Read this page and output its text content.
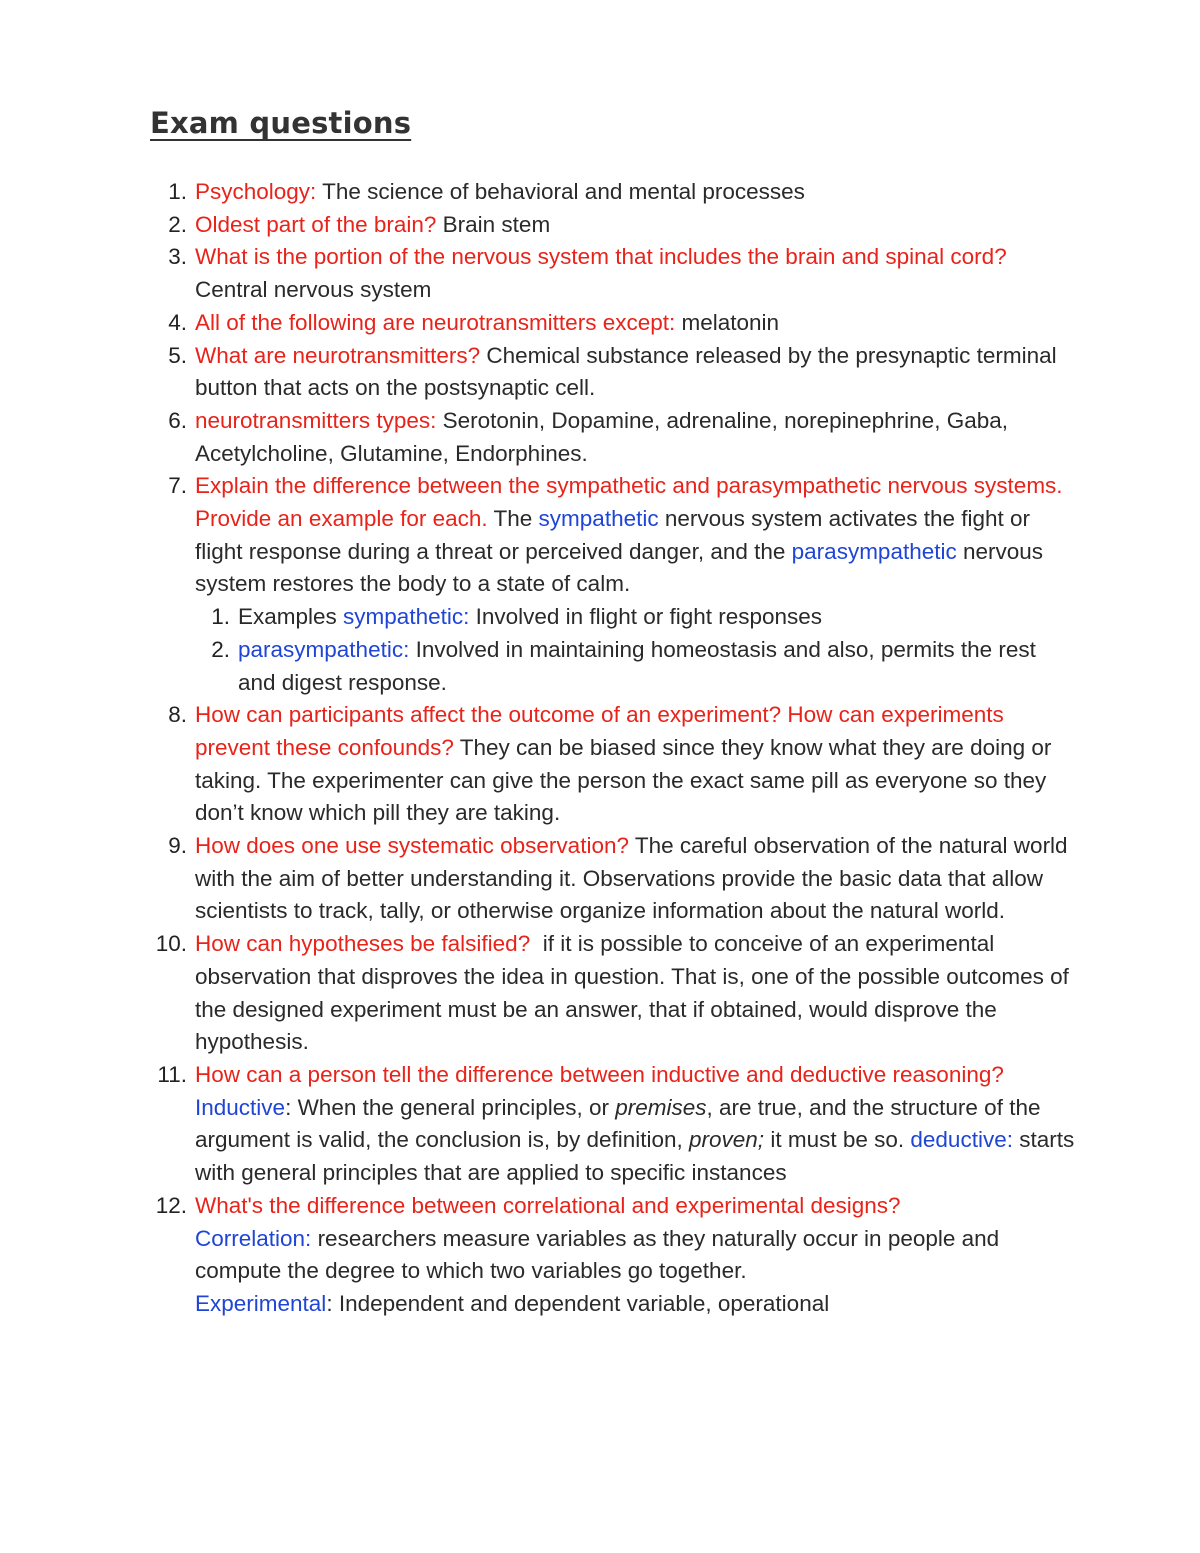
Exam questions
1. Psychology: The science of behavioral and mental processes
2. Oldest part of the brain? Brain stem
3. What is the portion of the nervous system that includes the brain and spinal cord? Central nervous system
4. All of the following are neurotransmitters except: melatonin
5. What are neurotransmitters? Chemical substance released by the presynaptic terminal button that acts on the postsynaptic cell.
6. neurotransmitters types: Serotonin, Dopamine, adrenaline, norepinephrine, Gaba, Acetylcholine, Glutamine, Endorphines.
7. Explain the difference between the sympathetic and parasympathetic nervous systems. Provide an example for each. The sympathetic nervous system activates the fight or flight response during a threat or perceived danger, and the parasympathetic nervous system restores the body to a state of calm.
1. Examples sympathetic: Involved in flight or fight responses
2. parasympathetic: Involved in maintaining homeostasis and also, permits the rest and digest response.
8. How can participants affect the outcome of an experiment? How can experiments prevent these confounds? They can be biased since they know what they are doing or taking. The experimenter can give the person the exact same pill as everyone so they don’t know which pill they are taking.
9. How does one use systematic observation? The careful observation of the natural world with the aim of better understanding it. Observations provide the basic data that allow scientists to track, tally, or otherwise organize information about the natural world.
10. How can hypotheses be falsified?  if it is possible to conceive of an experimental observation that disproves the idea in question. That is, one of the possible outcomes of the designed experiment must be an answer, that if obtained, would disprove the hypothesis.
11. How can a person tell the difference between inductive and deductive reasoning? Inductive: When the general principles, or premises, are true, and the structure of the argument is valid, the conclusion is, by definition, proven; it must be so. deductive: starts with general principles that are applied to specific instances
12. What's the difference between correlational and experimental designs?
Correlation: researchers measure variables as they naturally occur in people and compute the degree to which two variables go together.
Experimental: Independent and dependent variable, operational
